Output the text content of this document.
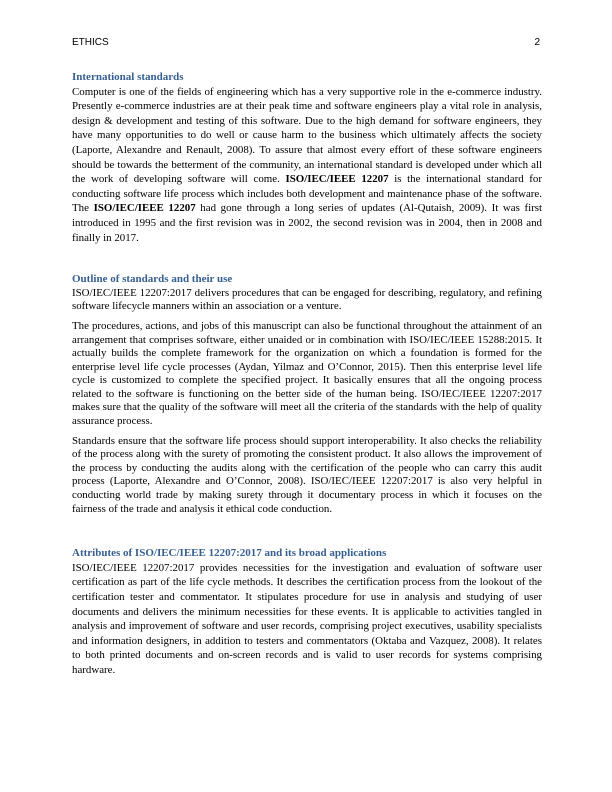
ETHICS	2
International standards

Computer is one of the fields of engineering which has a very supportive role in the e-commerce industry. Presently e-commerce industries are at their peak time and software engineers play a vital role in analysis, design & development and testing of this software. Due to the high demand for software engineers, they have many opportunities to do well or cause harm to the business which ultimately affects the society (Laporte, Alexandre and Renault, 2008). To assure that almost every effort of these software engineers should be towards the betterment of the community, an international standard is developed under which all the work of developing software will come. ISO/IEC/IEEE 12207 is the international standard for conducting software life process which includes both development and maintenance phase of the software. The ISO/IEC/IEEE 12207 had gone through a long series of updates (Al-Qutaish, 2009). It was first introduced in 1995 and the first revision was in 2002, the second revision was in 2004, then in 2008 and finally in 2017.

Outline of standards and their use

ISO/IEC/IEEE 12207:2017 delivers procedures that can be engaged for describing, regulatory, and refining software lifecycle manners within an association or a venture.

The procedures, actions, and jobs of this manuscript can also be functional throughout the attainment of an arrangement that comprises software, either unaided or in combination with ISO/IEC/IEEE 15288:2015. It actually builds the complete framework for the organization on which a foundation is formed for the enterprise level life cycle processes (Aydan, Yilmaz and O’Connor, 2015). Then this enterprise level life cycle is customized to complete the specified project. It basically ensures that all the ongoing process related to the software is functioning on the better side of the human being. ISO/IEC/IEEE 12207:2017 makes sure that the quality of the software will meet all the criteria of the standards with the help of quality assurance process.

Standards ensure that the software life process should support interoperability. It also checks the reliability of the process along with the surety of promoting the consistent product. It also allows the improvement of the process by conducting the audits along with the certification of the people who can carry this audit process (Laporte, Alexandre and O’Connor, 2008). ISO/IEC/IEEE 12207:2017 is also very helpful in conducting world trade by making surety through it documentary process in which it focuses on the fairness of the trade and analysis it ethical code conduction.

Attributes of ISO/IEC/IEEE 12207:2017 and its broad applications

ISO/IEC/IEEE 12207:2017 provides necessities for the investigation and evaluation of software user certification as part of the life cycle methods. It describes the certification process from the lookout of the certification tester and commentator. It stipulates procedure for use in analysis and studying of user documents and delivers the minimum necessities for these events. It is applicable to activities tangled in analysis and improvement of software and user records, comprising project executives, usability specialists and information designers, in addition to testers and commentators (Oktaba and Vazquez, 2008). It relates to both printed documents and on-screen records and is valid to user records for systems comprising hardware.
